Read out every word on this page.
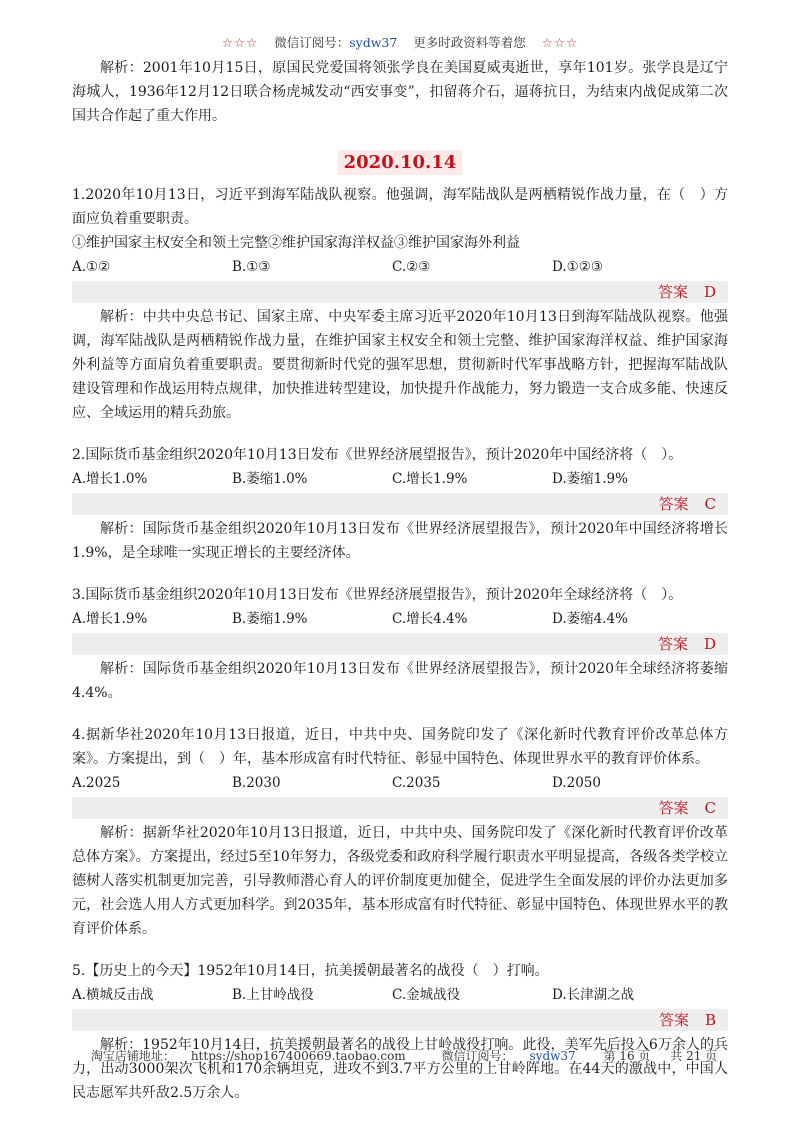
☆☆☆ 微信订阅号：sydw37 更多时政资料等着您 ☆☆☆

解析：2001年10月15日，原国民党爱国将领张学良在美国夏威夷逝世，享年101岁。张学良是辽宁海城人，1936年12月12日联合杨虎城发动“西安事变”，扣留蒋介石，逼蒋抗日，为结束内战促成第二次国共合作起了重大作用。

2020.10.14

1.2020年10月13日，习近平到海军陆战队视察。他强调，海军陆战队是两栖精锐作战力量，在（　）方面应负着重要职责。

①维护国家主权安全和领土完整②维护国家海洋权益③维护国家海外利益

A.①②	B.①③	C.②③	D.①②③
答案 D

解析：中共中央总书记、国家主席、中央军委主席习近平2020年10月13日到海军陆战队视察。他强调，海军陆战队是两栖精锐作战力量，在维护国家主权安全和领土完整、维护国家海洋权益、维护国家海外利益等方面肩负着重要职责。要贯彻新时代党的强军思想，贯彻新时代军事战略方针，把握海军陆战队建设管理和作战运用特点规律，加快推进转型建设，加快提升作战能力，努力锻造一支合成多能、快速反应、全域运用的精兵劲旅。

2.国际货币基金组织2020年10月13日发布《世界经济展望报告》，预计2020年中国经济将（　）。

A.增长1.0%	B.萎缩1.0%	C.增长1.9%	D.萎缩1.9%
答案 C

解析：国际货币基金组织2020年10月13日发布《世界经济展望报告》，预计2020年中国经济将增长1.9%，是全球唯一实现正增长的主要经济体。

3.国际货币基金组织2020年10月13日发布《世界经济展望报告》，预计2020年全球经济将（　）。

A.增长1.9%	B.萎缩1.9%	C.增长4.4%	D.萎缩4.4%
答案 D

解析：国际货币基金组织2020年10月13日发布《世界经济展望报告》，预计2020年全球经济将萎缩4.4%。

4.据新华社2020年10月13日报道，近日，中共中央、国务院印发了《深化新时代教育评价改革总体方案》。方案提出，到（　）年，基本形成富有时代特征、彰显中国特色、体现世界水平的教育评价体系。

A.2025	B.2030	C.2035	D.2050
答案 C

解析：据新华社2020年10月13日报道，近日，中共中央、国务院印发了《深化新时代教育评价改革总体方案》。方案提出，经过5至10年努力，各级党委和政府科学履行职责水平明显提高，各级各类学校立德树人落实机制更加完善，引导教师潜心育人的评价制度更加健全，促进学生全面发展的评价办法更加多元，社会选人用人方式更加科学。到2035年，基本形成富有时代特征、彰显中国特色、体现世界水平的教育评价体系。

5.【历史上的今天】1952年10月14日，抗美援朝最著名的战役（　）打响。

A.横城反击战	B.上甘岭战役	C.金城战役	D.长津湖之战
答案 B

解析：1952年10月14日，抗美援朝最著名的战役上甘岭战役打响。此役，美军先后投入6万余人的兵力，出动3000架次飞机和170余辆坦克，进攻不到3.7平方公里的上甘岭阵地。在44天的激战中，中国人民志愿军共歼敌2.5万余人。

淘宝店铺地址： https://shop167400669.taobao.com	微信订阅号： sydw37 第 16 页 共 21 页
